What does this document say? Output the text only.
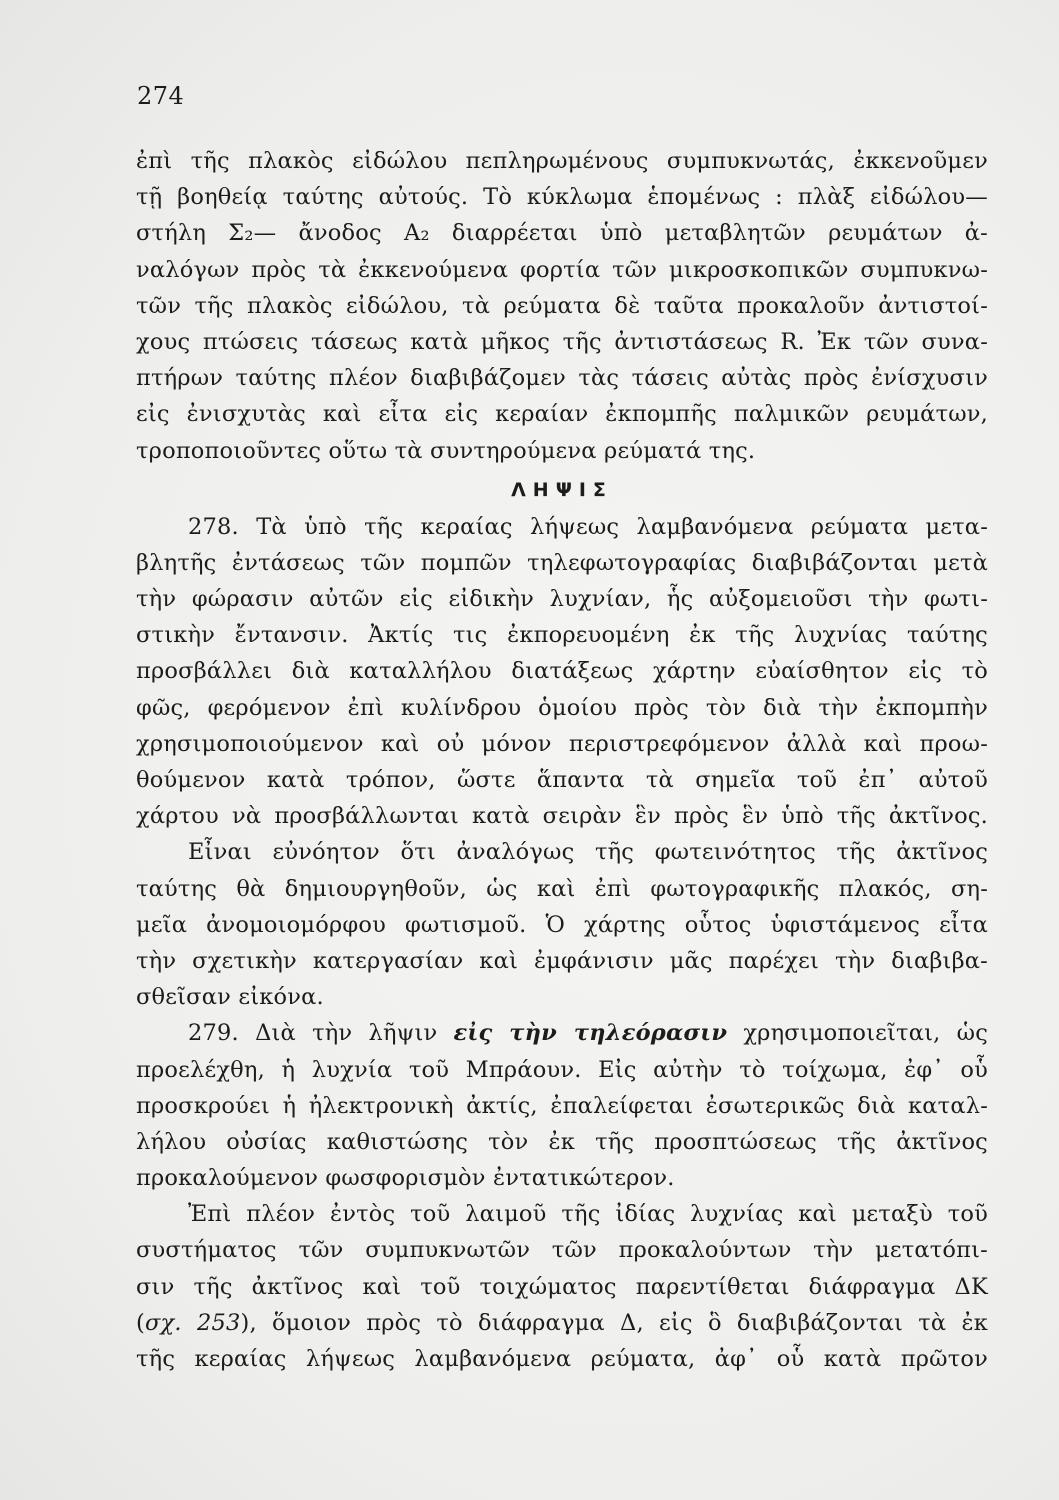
274
ἐπὶ τῆς πλακὸς εἰδώλου πεπληρωμένους συμπυκνωτάς, ἐκκενοῦμεν
τῇ βοηθείᾳ ταύτης αὐτούς. Τὸ κύκλωμα ἑπομένως : πλὰξ εἰδώλου—
στήλη Σ₂— ἄνοδος Α₂ διαρρέεται ὑπὸ μεταβλητῶν ρευμάτων ἀ-
ναλόγων πρὸς τὰ ἐκκενούμενα φορτία τῶν μικροσκοπικῶν συμπυκνω-
τῶν τῆς πλακὸς εἰδώλου, τὰ ρεύματα δὲ ταῦτα προκαλοῦν ἀντιστοί-
χους πτώσεις τάσεως κατὰ μῆκος τῆς ἀντιστάσεως R. Ἐκ τῶν συνα-
πτήρων ταύτης πλέον διαβιβάζομεν τὰς τάσεις αὐτὰς πρὸς ἐνίσχυσιν
εἰς ἐνισχυτὰς καὶ εἶτα εἰς κεραίαν ἐκπομπῆς παλμικῶν ρευμάτων,
τροποποιοῦντες οὕτω τὰ συντηρούμενα ρεύματά της.
ΛΗΨΙΣ
278. Τὰ ὑπὸ τῆς κεραίας λήψεως λαμβανόμενα ρεύματα μετα-
βλητῆς ἐντάσεως τῶν πομπῶν τηλεφωτογραφίας διαβιβάζονται μετὰ
τὴν φώρασιν αὐτῶν εἰς εἰδικὴν λυχνίαν, ἧς αὐξομειοῦσι τὴν φωτι-
στικὴν ἔντανσιν. Ἀκτίς τις ἐκπορευομένη ἐκ τῆς λυχνίας ταύτης
προσβάλλει διὰ καταλλήλου διατάξεως χάρτην εὐαίσθητον εἰς τὸ
φῶς, φερόμενον ἐπὶ κυλίνδρου ὁμοίου πρὸς τὸν διὰ τὴν ἐκπομπὴν
χρησιμοποιούμενον καὶ οὐ μόνον περιστρεφόμενον ἀλλὰ καὶ προω-
θούμενον κατὰ τρόπον, ὥστε ἅπαντα τὰ σημεῖα τοῦ ἐπ᾽ αὐτοῦ
χάρτου νὰ προσβάλλωνται κατὰ σειρὰν ἓν πρὸς ἓν ὑπὸ τῆς ἀκτῖνος.
Εἶναι εὐνόητον ὅτι ἀναλόγως τῆς φωτεινότητος τῆς ἀκτῖνος
ταύτης θὰ δημιουργηθοῦν, ὡς καὶ ἐπὶ φωτογραφικῆς πλακός, ση-
μεῖα ἀνομοιομόρφου φωτισμοῦ. Ὁ χάρτης οὗτος ὑφιστάμενος εἶτα
τὴν σχετικὴν κατεργασίαν καὶ ἐμφάνισιν μᾶς παρέχει τὴν διαβιβα-
σθεῖσαν εἰκόνα.
279. Διὰ τὴν λῆψιν εἰς τὴν τηλεόρασιν χρησιμοποιεῖται, ὡς
προελέχθη, ἡ λυχνία τοῦ Μπράουν. Εἰς αὐτὴν τὸ τοίχωμα, ἐφ᾽ οὗ
προσκρούει ἡ ἠλεκτρονικὴ ἀκτίς, ἐπαλείφεται ἐσωτερικῶς διὰ καταλ-
λήλου οὐσίας καθιστώσης τὸν ἐκ τῆς προσπτώσεως τῆς ἀκτῖνος
προκαλούμενον φωσφορισμὸν ἐντατικώτερον.
Ἐπὶ πλέον ἐντὸς τοῦ λαιμοῦ τῆς ἰδίας λυχνίας καὶ μεταξὺ τοῦ
συστήματος τῶν συμπυκνωτῶν τῶν προκαλούντων τὴν μετατόπι-
σιν τῆς ἀκτῖνος καὶ τοῦ τοιχώματος παρεντίθεται διάφραγμα ΔΚ
(σχ. 253), ὅμοιον πρὸς τὸ διάφραγμα Δ, εἰς ὃ διαβιβάζονται τὰ ἐκ
τῆς κεραίας λήψεως λαμβανόμενα ρεύματα, ἀφ᾽ οὗ κατὰ πρῶτον
